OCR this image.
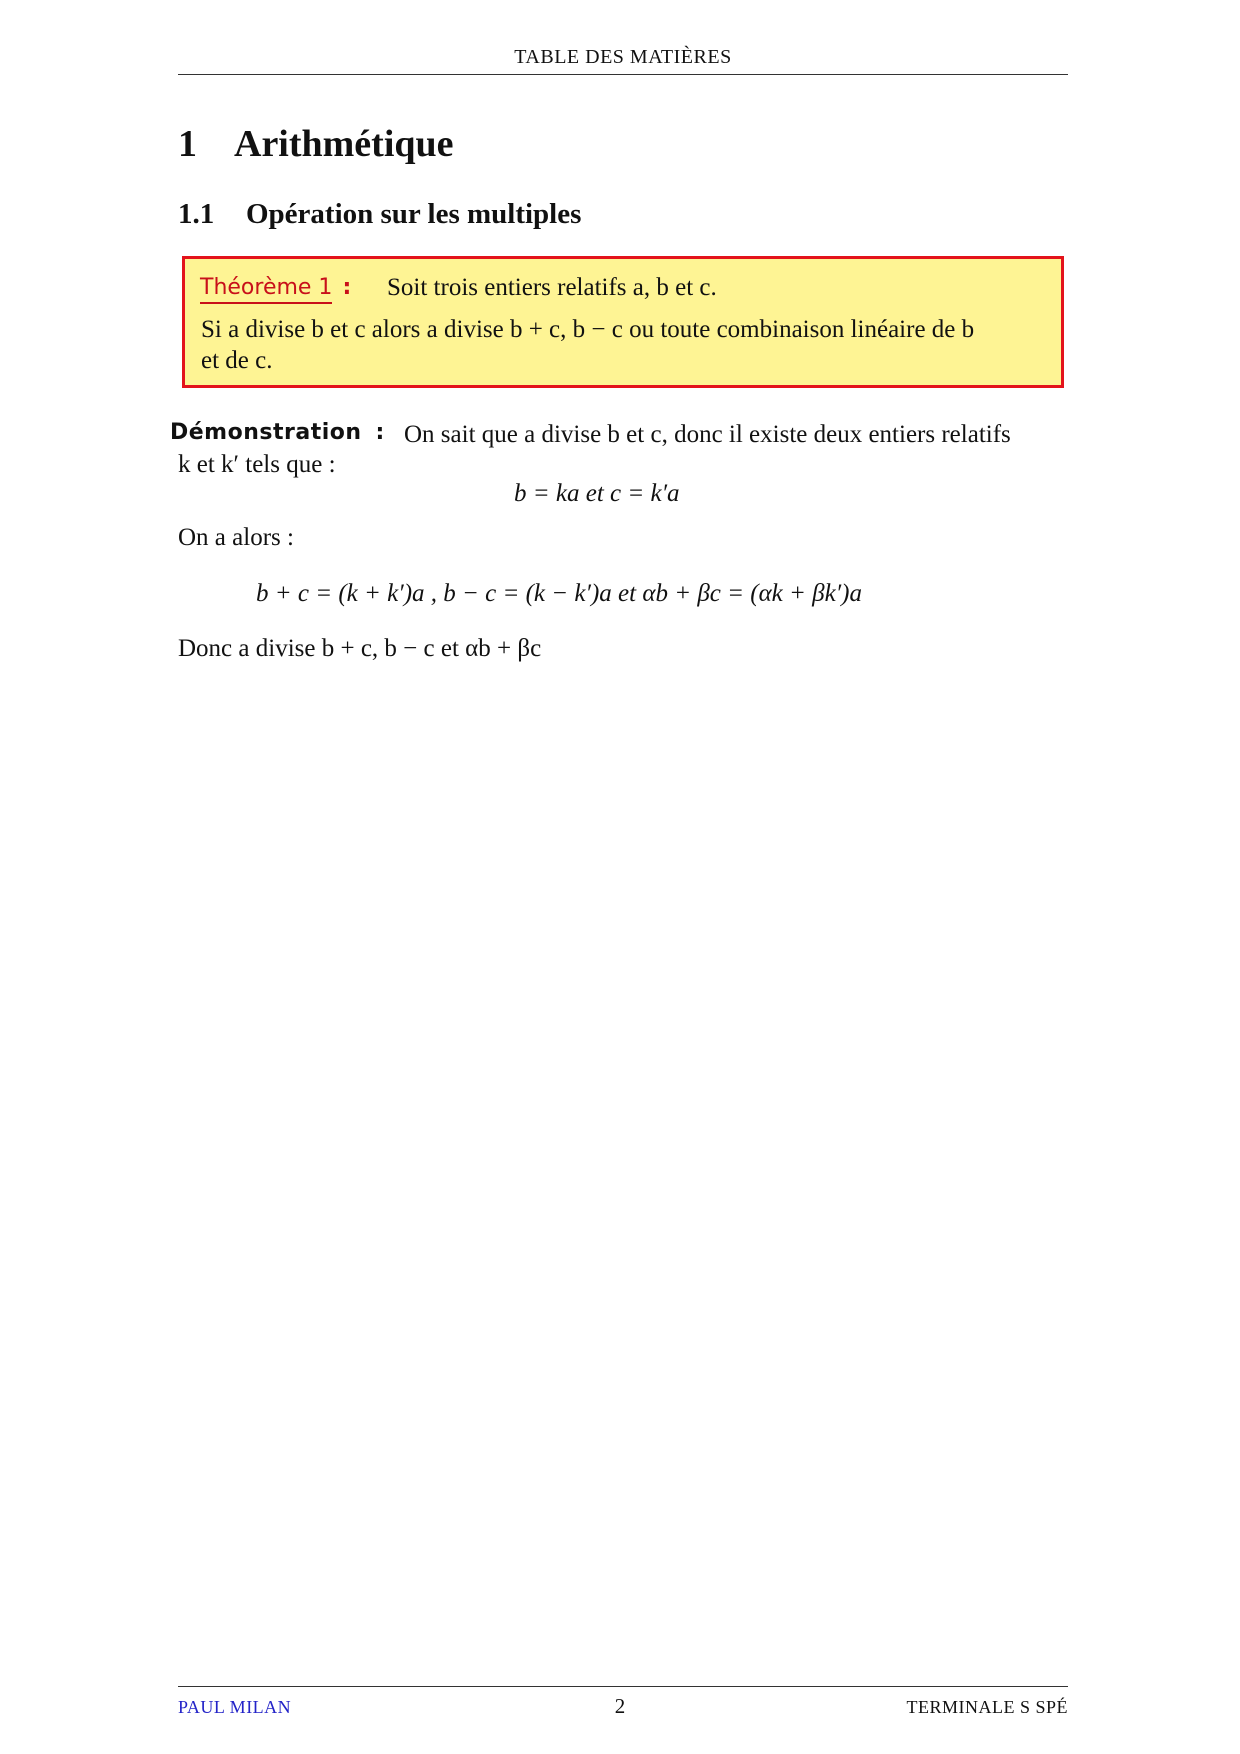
TABLE DES MATIÈRES
1 Arithmétique
1.1 Opération sur les multiples
Théorème 1 : Soit trois entiers relatifs a, b et c.
Si a divise b et c alors a divise b + c, b − c ou toute combinaison linéaire de b
et de c.
Démonstration : On sait que a divise b et c, donc il existe deux entiers relatifs
k et k′ tels que :
b = ka et c = k′a
On a alors :
b + c = (k + k′)a , b − c = (k − k′)a et αb + βc = (αk + βk′)a
Donc a divise b + c, b − c et αb + βc
PAUL MILAN	2	TERMINALE S SPÉ
